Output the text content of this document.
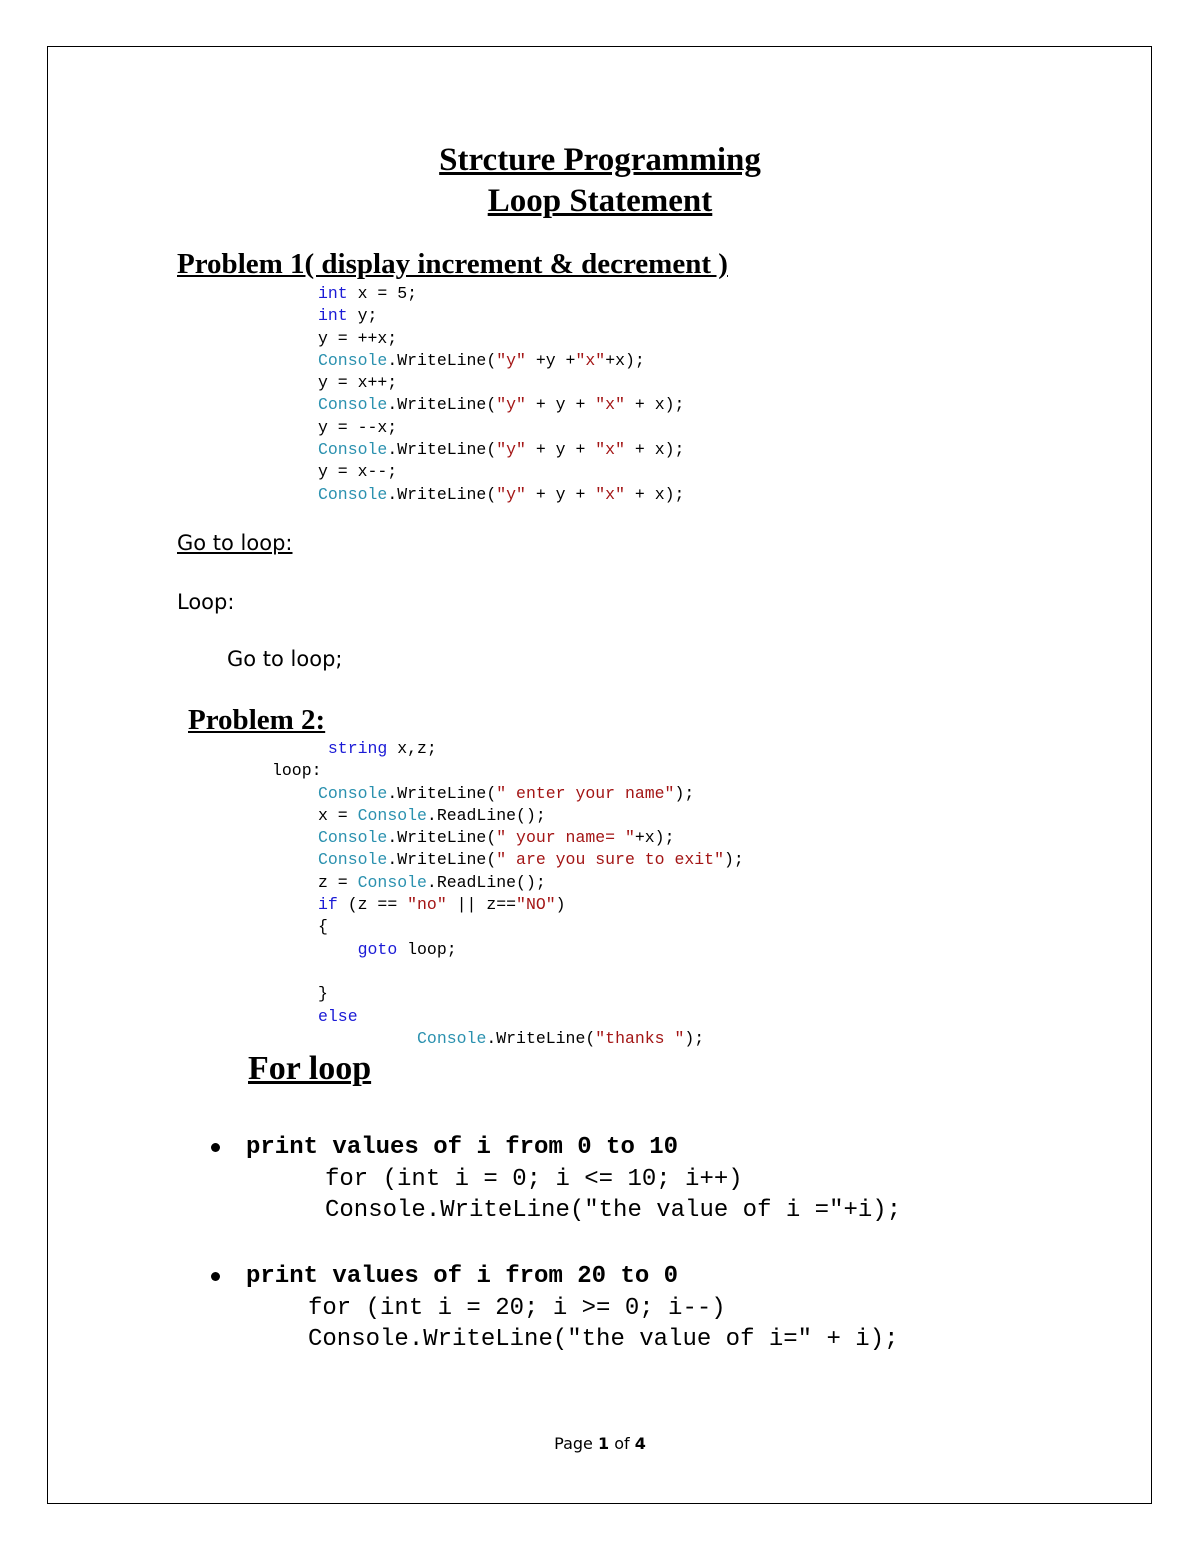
Strcture Programming
Loop Statement
Problem 1( display increment & decrement )
int x = 5;
int y;
y = ++x;
Console.WriteLine("y" +y +"x"+x);
y = x++;
Console.WriteLine("y" + y + "x" + x);
y = --x;
Console.WriteLine("y" + y + "x" + x);
y = x--;
Console.WriteLine("y" + y + "x" + x);
Go to loop:
Loop:
Go to loop;
Problem 2:
string x,z;
loop:
Console.WriteLine(" enter your name");
x = Console.ReadLine();
Console.WriteLine(" your name= "+x);
Console.WriteLine(" are you sure to exit");
z = Console.ReadLine();
if (z == "no" || z=="NO")
{
goto loop;
}
else
Console.WriteLine("thanks ");
For loop
print values of i from 0 to 10
for (int i = 0; i <= 10; i++)
Console.WriteLine("the value of i ="+i);
print values of i from 20 to 0
for (int i = 20; i >= 0; i--)
Console.WriteLine("the value of i=" + i);
Page 1 of 4
